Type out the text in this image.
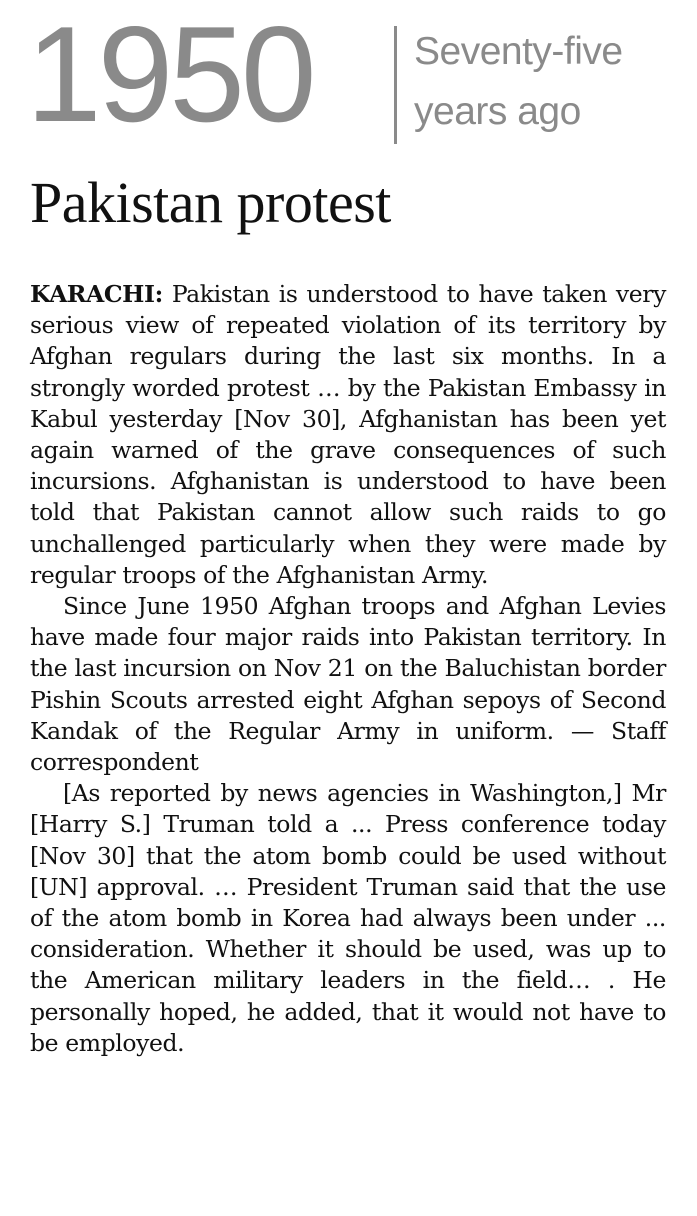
1950	Seventy-five
years ago
Pakistan protest

KARACHI: Pakistan is understood to have taken very serious view of repeated violation of its territory by Afghan regulars during the last six months. In a strongly worded protest … by the Pakistan Embassy in Kabul yesterday [Nov 30], Afghanistan has been yet again warned of the grave consequences of such incursions. Afghanistan is understood to have been told that Pakistan cannot allow such raids to go unchallenged particularly when they were made by regular troops of the Afghanistan Army.

Since June 1950 Afghan troops and Afghan Levies have made four major raids into Pakistan territory. In the last incursion on Nov 21 on the Baluchistan border Pishin Scouts arrested eight Afghan sepoys of Second Kandak of the Regular Army in uniform. — Staff correspondent

[As reported by news agencies in Washington,] Mr [Harry S.] Truman told a ... Press conference today [Nov 30] that the atom bomb could be used without [UN] approval. … President Truman said that the use of the atom bomb in Korea had always been under ... consideration. Whether it should be used, was up to the American military leaders in the field… . He personally hoped, he added, that it would not have to be employed.
